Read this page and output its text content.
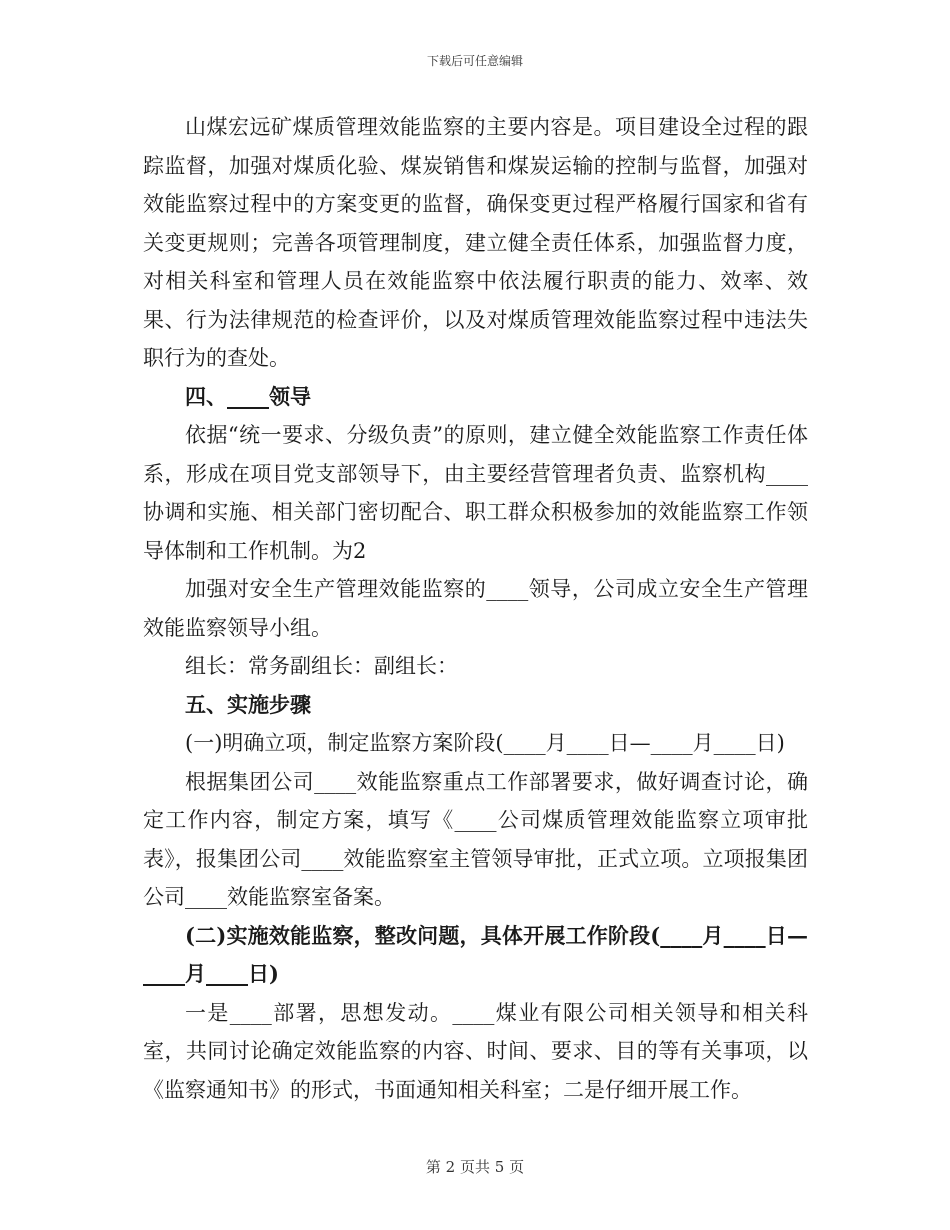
下载后可任意编辑

山煤宏远矿煤质管理效能监察的主要内容是。项目建设全过程的跟踪监督，加强对煤质化验、煤炭销售和煤炭运输的控制与监督，加强对效能监察过程中的方案变更的监督，确保变更过程严格履行国家和省有关变更规则；完善各项管理制度，建立健全责任体系，加强监督力度，对相关科室和管理人员在效能监察中依法履行职责的能力、效率、效果、行为法律规范的检查评价，以及对煤质管理效能监察过程中违法失职行为的查处。

四、____领导

依据“统一要求、分级负责”的原则，建立健全效能监察工作责任体系，形成在项目党支部领导下，由主要经营管理者负责、监察机构____协调和实施、相关部门密切配合、职工群众积极参加的效能监察工作领导体制和工作机制。为2

加强对安全生产管理效能监察的____领导，公司成立安全生产管理效能监察领导小组。

组长：常务副组长：副组长：

五、实施步骤

(一)明确立项，制定监察方案阶段(____月____日—____月____日)

根据集团公司____效能监察重点工作部署要求，做好调查讨论，确定工作内容，制定方案，填写《____公司煤质管理效能监察立项审批表》，报集团公司____效能监察室主管领导审批，正式立项。立项报集团公司____效能监察室备案。

(二)实施效能监察，整改问题，具体开展工作阶段(____月____日—____月____日)

一是____部署，思想发动。____煤业有限公司相关领导和相关科室，共同讨论确定效能监察的内容、时间、要求、目的等有关事项，以《监察通知书》的形式，书面通知相关科室；二是仔细开展工作。

第 2 页共 5 页
